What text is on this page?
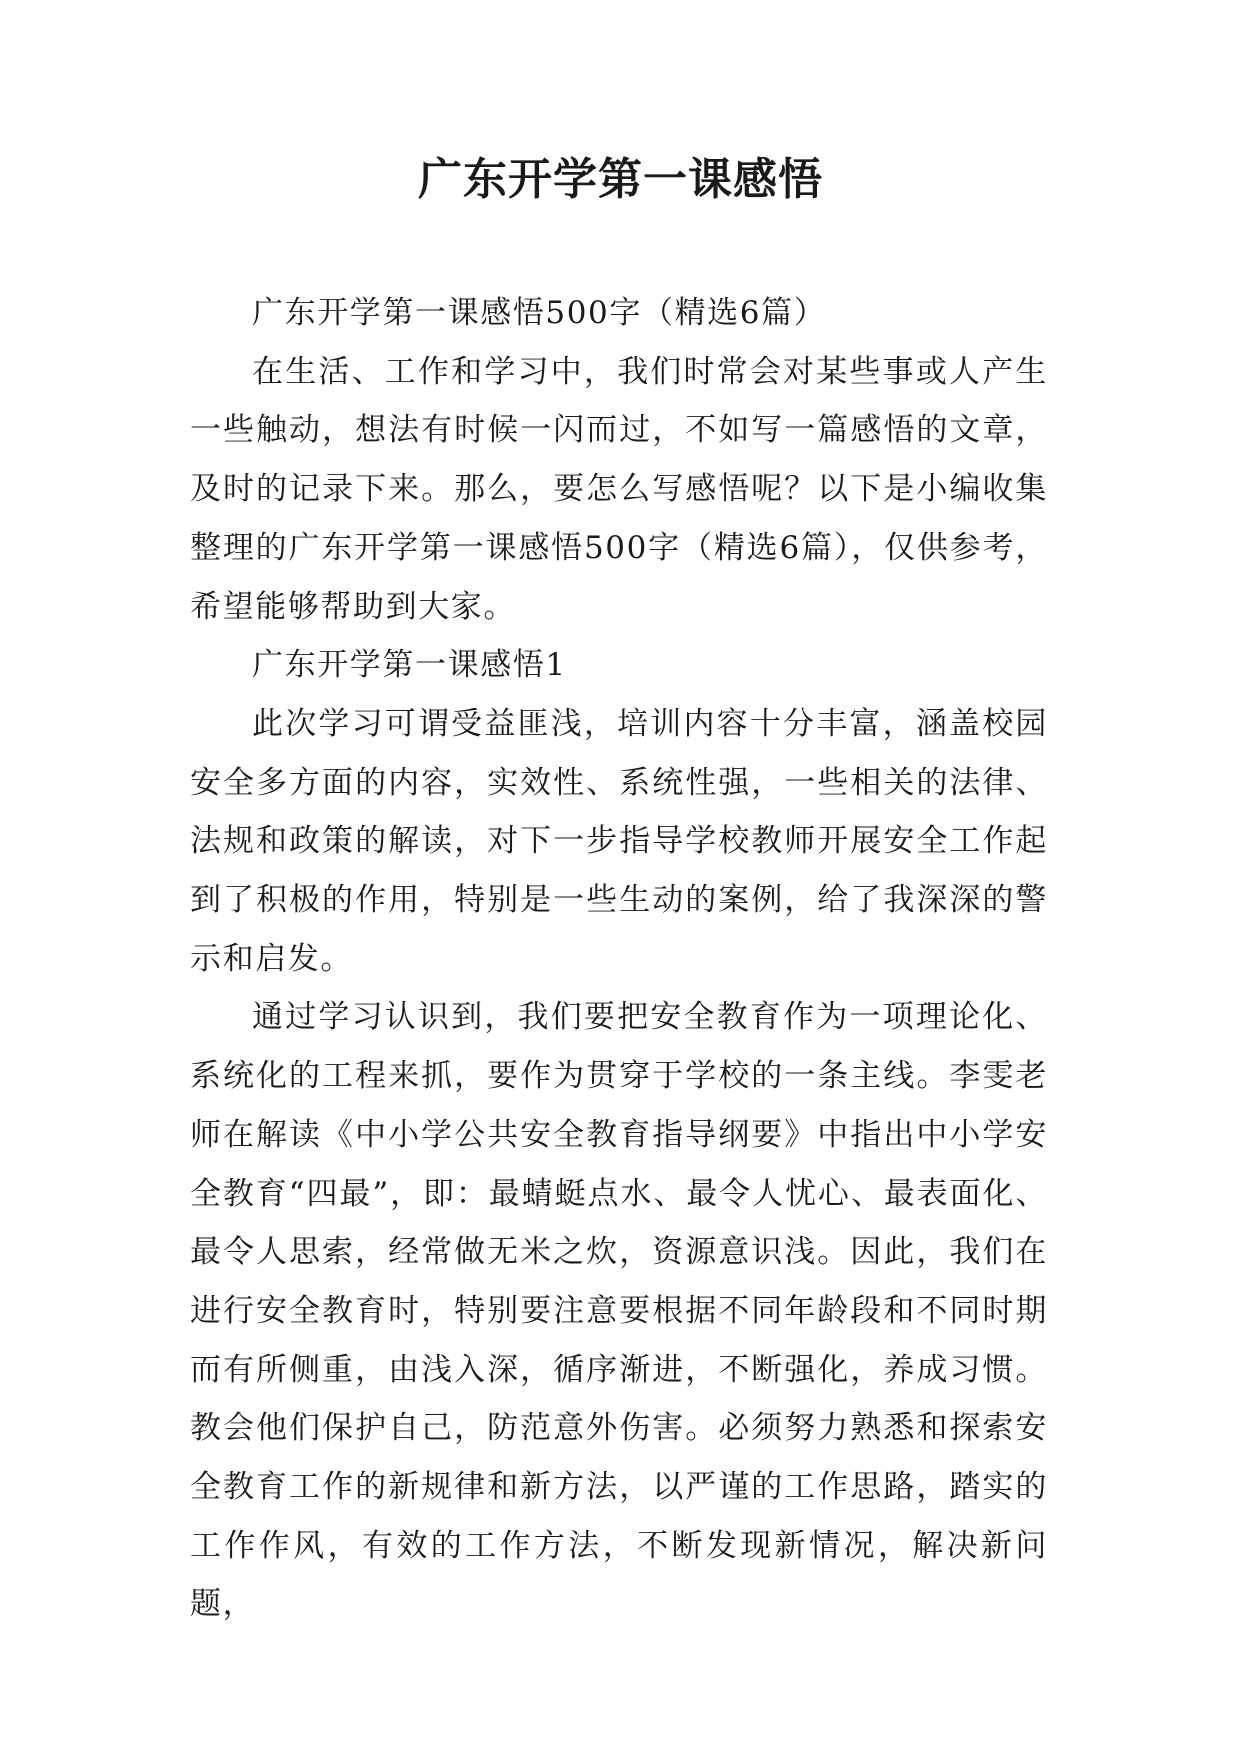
广东开学第一课感悟

广东开学第一课感悟500字（精选6篇）

在生活、工作和学习中，我们时常会对某些事或人产生一些触动，想法有时候一闪而过，不如写一篇感悟的文章，及时的记录下来。那么，要怎么写感悟呢？以下是小编收集整理的广东开学第一课感悟500字（精选6篇），仅供参考，希望能够帮助到大家。

广东开学第一课感悟1

此次学习可谓受益匪浅，培训内容十分丰富，涵盖校园安全多方面的内容，实效性、系统性强，一些相关的法律、法规和政策的解读，对下一步指导学校教师开展安全工作起到了积极的作用，特别是一些生动的案例，给了我深深的警示和启发。

通过学习认识到，我们要把安全教育作为一项理论化、系统化的工程来抓，要作为贯穿于学校的一条主线。李雯老师在解读《中小学公共安全教育指导纲要》中指出中小学安全教育“四最”，即：最蜻蜓点水、最令人忧心、最表面化、最令人思索，经常做无米之炊，资源意识浅。因此，我们在进行安全教育时，特别要注意要根据不同年龄段和不同时期而有所侧重，由浅入深，循序渐进，不断强化，养成习惯。教会他们保护自己，防范意外伤害。必须努力熟悉和探索安全教育工作的新规律和新方法，以严谨的工作思路，踏实的工作作风，有效的工作方法，不断发现新情况，解决新问题，
